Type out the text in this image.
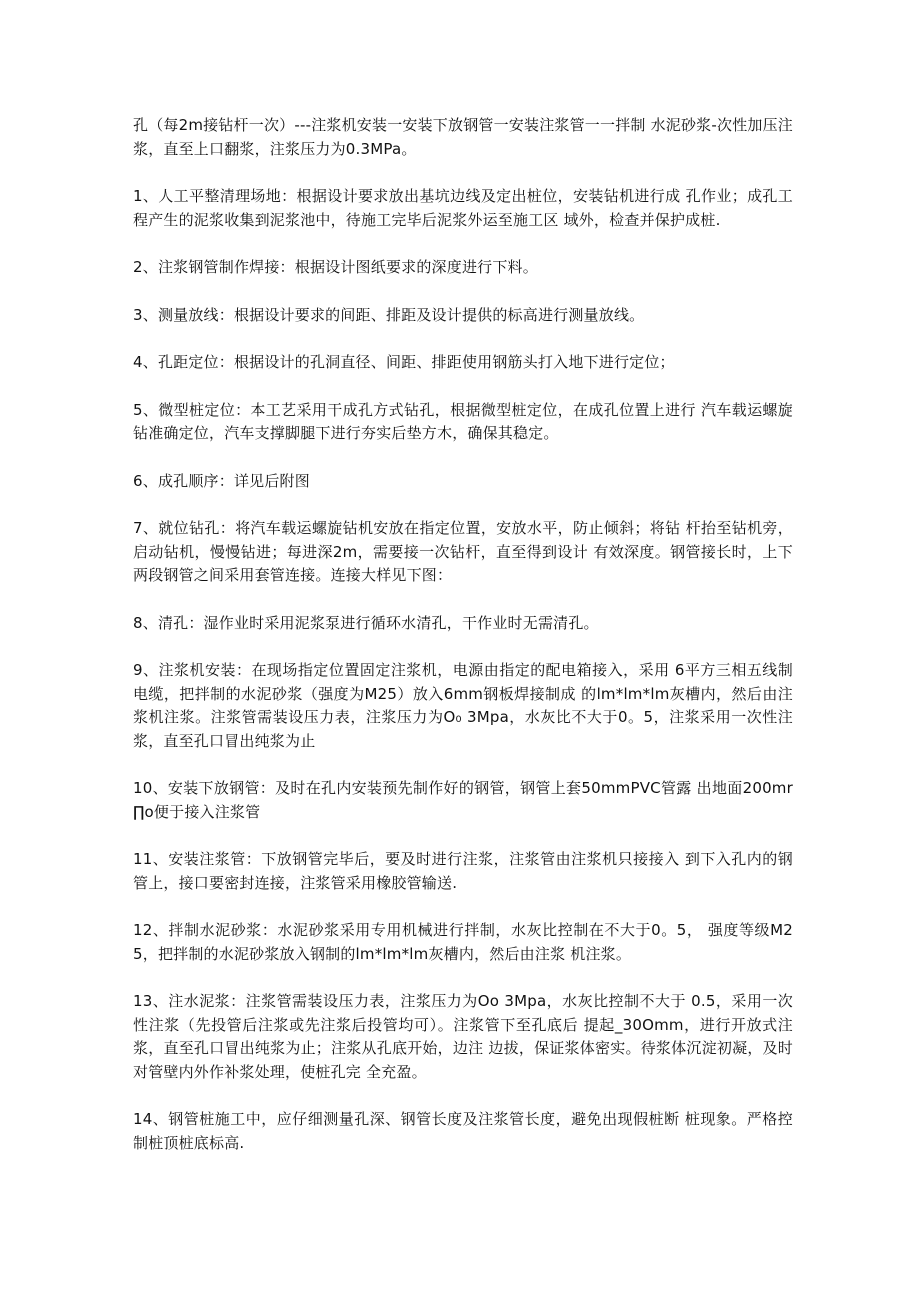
孔（每2m接钻杆一次）---注浆机安装一安装下放钢管一安装注浆管一一拌制 水泥砂浆-次性加压注浆，直至上口翻浆，注浆压力为0.3MPa。

1、人工平整清理场地：根据设计要求放出基坑边线及定出桩位，安装钻机进行成 孔作业；成孔工程产生的泥浆收集到泥浆池中，待施工完毕后泥浆外运至施工区 域外，检查并保护成桩.

2、注浆钢管制作焊接：根据设计图纸要求的深度进行下料。

3、测量放线：根据设计要求的间距、排距及设计提供的标高进行测量放线。

4、孔距定位：根据设计的孔洞直径、间距、排距使用钢筋头打入地下进行定位；

5、微型桩定位：本工艺采用干成孔方式钻孔，根据微型桩定位，在成孔位置上进行 汽车载运螺旋钻准确定位，汽车支撑脚腿下进行夯实后垫方木，确保其稳定。

6、成孔顺序：详见后附图

7、就位钻孔：将汽车载运螺旋钻机安放在指定位置，安放水平，防止倾斜；将钻 杆抬至钻机旁，启动钻机，慢慢钻进；每进深2m，需要接一次钻杆，直至得到设计 有效深度。钢管接长时，上下两段钢管之间采用套管连接。连接大样见下图：

8、清孔：湿作业时采用泥浆泵进行循环水清孔，干作业时无需清孔。

9、注浆机安装：在现场指定位置固定注浆机，电源由指定的配电箱接入，采用 6平方三相五线制电缆，把拌制的水泥砂浆（强度为M25）放入6mm钢板焊接制成 的lm*lm*lm灰槽内，然后由注浆机注浆。注浆管需装设压力表，注浆压力为O₀ 3Mpa，水灰比不大于0。5，注浆采用一次性注浆，直至孔口冒出纯浆为止

10、安装下放钢管：及时在孔内安装预先制作好的钢管，钢管上套50mmPVC管露 出地面200mr∏o便于接入注浆管

11、安装注浆管：下放钢管完毕后，要及时进行注浆，注浆管由注浆机只接接入 到下入孔内的钢管上，接口要密封连接，注浆管采用橡胶管输送.

12、拌制水泥砂浆：水泥砂浆采用专用机械进行拌制，水灰比控制在不大于0。5， 强度等级M25，把拌制的水泥砂浆放入钢制的lm*lm*lm灰槽内，然后由注浆 机注浆。

13、注水泥浆：注浆管需装设压力表，注浆压力为Oo 3Mpa，水灰比控制不大于 0.5，采用一次性注浆（先投管后注浆或先注浆后投管均可）。注浆管下至孔底后 提起_30Omm，进行开放式注浆，直至孔口冒出纯浆为止；注浆从孔底开始，边注 边拔，保证浆体密实。待浆体沉淀初凝，及时对管壁内外作补浆处理，使桩孔完 全充盈。

14、钢管桩施工中，应仔细测量孔深、钢管长度及注浆管长度，避免出现假桩断 桩现象。严格控制桩顶桩底标高.
